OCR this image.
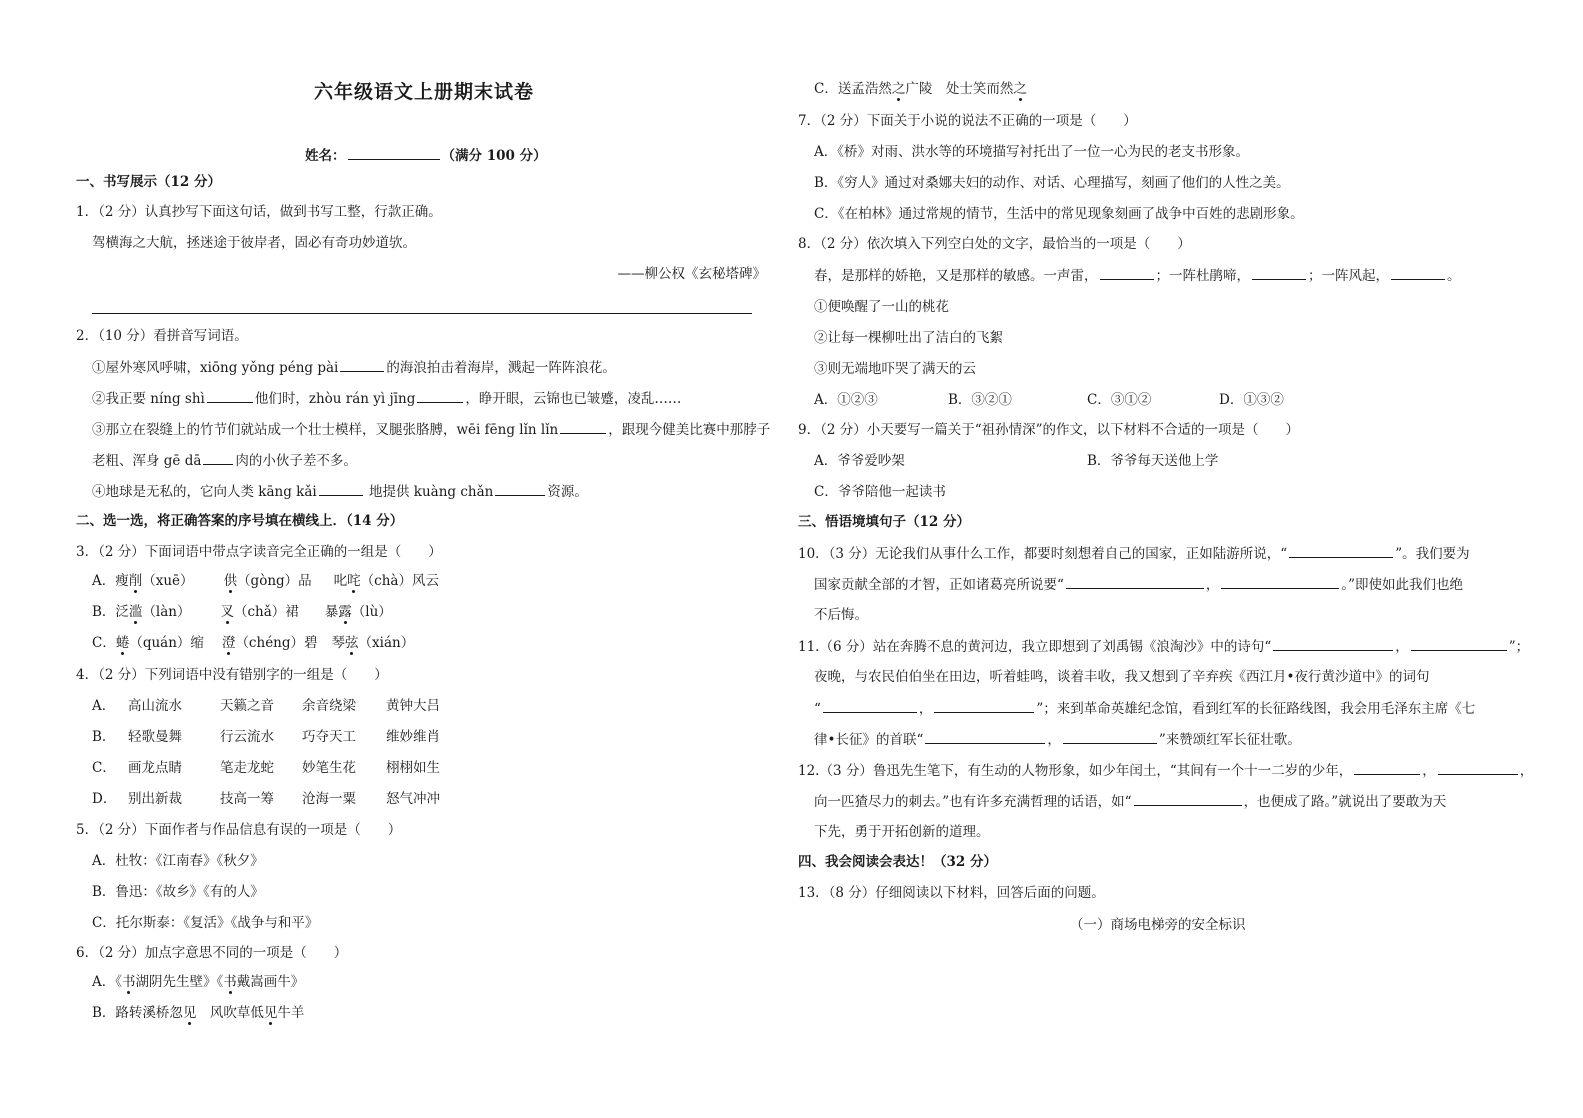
六年级语文上册期末试卷
姓名：	（满分 100 分）
一、书写展示（12 分）
1．（2 分）认真抄写下面这句话，做到书写工整，行款正确。
驾横海之大航，拯迷途于彼岸者，固必有奇功妙道欤。
——柳公权《玄秘塔碑》
2．（10 分）看拼音写词语。
①屋外寒风呼啸，xiōng yǒng péng pài	的海浪拍击着海岸，溅起一阵阵浪花。
②我正要 níng shì	他们时，zhòu rán yì jīng	，睁开眼，云锦也已皱蹙，凌乱……
③那立在裂缝上的竹节们就站成一个壮士模样，叉腿张胳膊，wēi fēng lǐn lǐn	，跟现今健美比赛中那脖子
老粗、浑身 gē dā	肉的小伙子差不多。
④地球是无私的，它向人类 kāng kǎi	地提供 kuàng chǎn	资源。
二、选一选，将正确答案的序号填在横线上．（14 分）
3．（2 分）下面词语中带点字读音完全正确的一组是（　　）
A．瘦削（xuē） 供（gòng）品 叱咤（chà）风云
B．泛滥（làn） 叉（chǎ）裙 暴露（lù）
C．蜷（quán）缩 澄（chéng）碧 琴弦（xián）
4．（2 分）下列词语中没有错别字的一组是（　　）
A． 高山流水	天籁之音 余音绕梁 黄钟大吕
B． 轻歌曼舞	行云流水 巧夺天工 维妙维肖
C． 画龙点睛	笔走龙蛇 妙笔生花 栩栩如生
D． 别出新裁	技高一筹 沧海一粟 怒气冲冲
5．（2 分）下面作者与作品信息有误的一项是（　　）
A．杜牧：《江南春》《秋夕》
B．鲁迅：《故乡》《有的人》
C．托尔斯泰：《复活》《战争与和平》
6．（2 分）加点字意思不同的一项是（　　）
A．《书湖阴先生壁》《书戴嵩画牛》
B．路转溪桥忽见　风吹草低见牛羊
C．送孟浩然之广陵　处士笑而然之
7．（2 分）下面关于小说的说法不正确的一项是（　　）
A．《桥》对雨、洪水等的环境描写衬托出了一位一心为民的老支书形象。
B．《穷人》通过对桑娜夫妇的动作、对话、心理描写，刻画了他们的人性之美。
C．《在柏林》通过常规的情节，生活中的常见现象刻画了战争中百姓的悲剧形象。
8．（2 分）依次填入下列空白处的文字，最恰当的一项是（　　）
春，是那样的娇艳，又是那样的敏感。一声雷，	；一阵杜鹃啼，	；一阵风起，	。
①便唤醒了一山的桃花
②让每一棵柳吐出了洁白的飞絮
③则无端地吓哭了满天的云
A．①②③	B．③②①	C．③①②	D．①③②
9．（2 分）小天要写一篇关于“祖孙情深”的作文，以下材料不合适的一项是（　　）
A．爷爷爱吵架	B．爷爷每天送他上学
C．爷爷陪他一起读书
三、悟语境填句子（12 分）
10．（3 分）无论我们从事什么工作，都要时刻想着自己的国家，正如陆游所说，“	”。我们要为
国家贡献全部的才智，正如诸葛亮所说要“	，	。”即使如此我们也绝
不后悔。
11.（6 分）站在奔腾不息的黄河边，我立即想到了刘禹锡《浪淘沙》中的诗句“	，	”；
夜晚，与农民伯伯坐在田边，听着蛙鸣，谈着丰收，我又想到了辛弃疾《西江月•夜行黄沙道中》的词句
“	，	”；来到革命英雄纪念馆，看到红军的长征路线图，我会用毛泽东主席《七
律•长征》的首联“	，	”来赞颂红军长征壮歌。
12.（3 分）鲁迅先生笔下，有生动的人物形象，如少年闰土，“其间有一个十一二岁的少年，	，	，
向一匹猹尽力的刺去。”也有许多充满哲理的话语，如“	，也便成了路。”就说出了要敢为天
下先，勇于开拓创新的道理。
四、我会阅读会表达！（32 分）
13．（8 分）仔细阅读以下材料，回答后面的问题。
（一）商场电梯旁的安全标识
